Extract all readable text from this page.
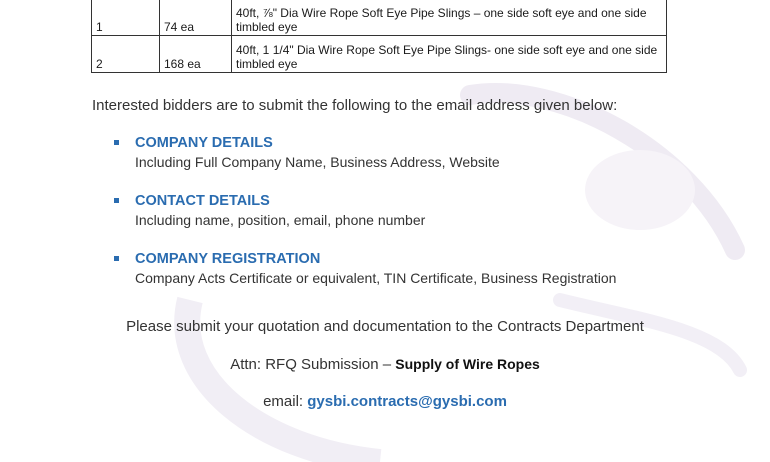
1	74 ea	40ft, ⅞" Dia Wire Rope Soft Eye Pipe Slings – one side soft eye and one side timbled eye
2	168 ea	40ft, 1 1/4" Dia Wire Rope Soft Eye Pipe Slings- one side soft eye and one side timbled eye
Interested bidders are to submit the following to the email address given below:
COMPANY DETAILS
Including Full Company Name, Business Address, Website
CONTACT DETAILS
Including name, position, email, phone number
COMPANY REGISTRATION
Company Acts Certificate or equivalent, TIN Certificate, Business Registration
Please submit your quotation and documentation to the Contracts Department
Attn: RFQ Submission – Supply of Wire Ropes
email: gysbi.contracts@gysbi.com
